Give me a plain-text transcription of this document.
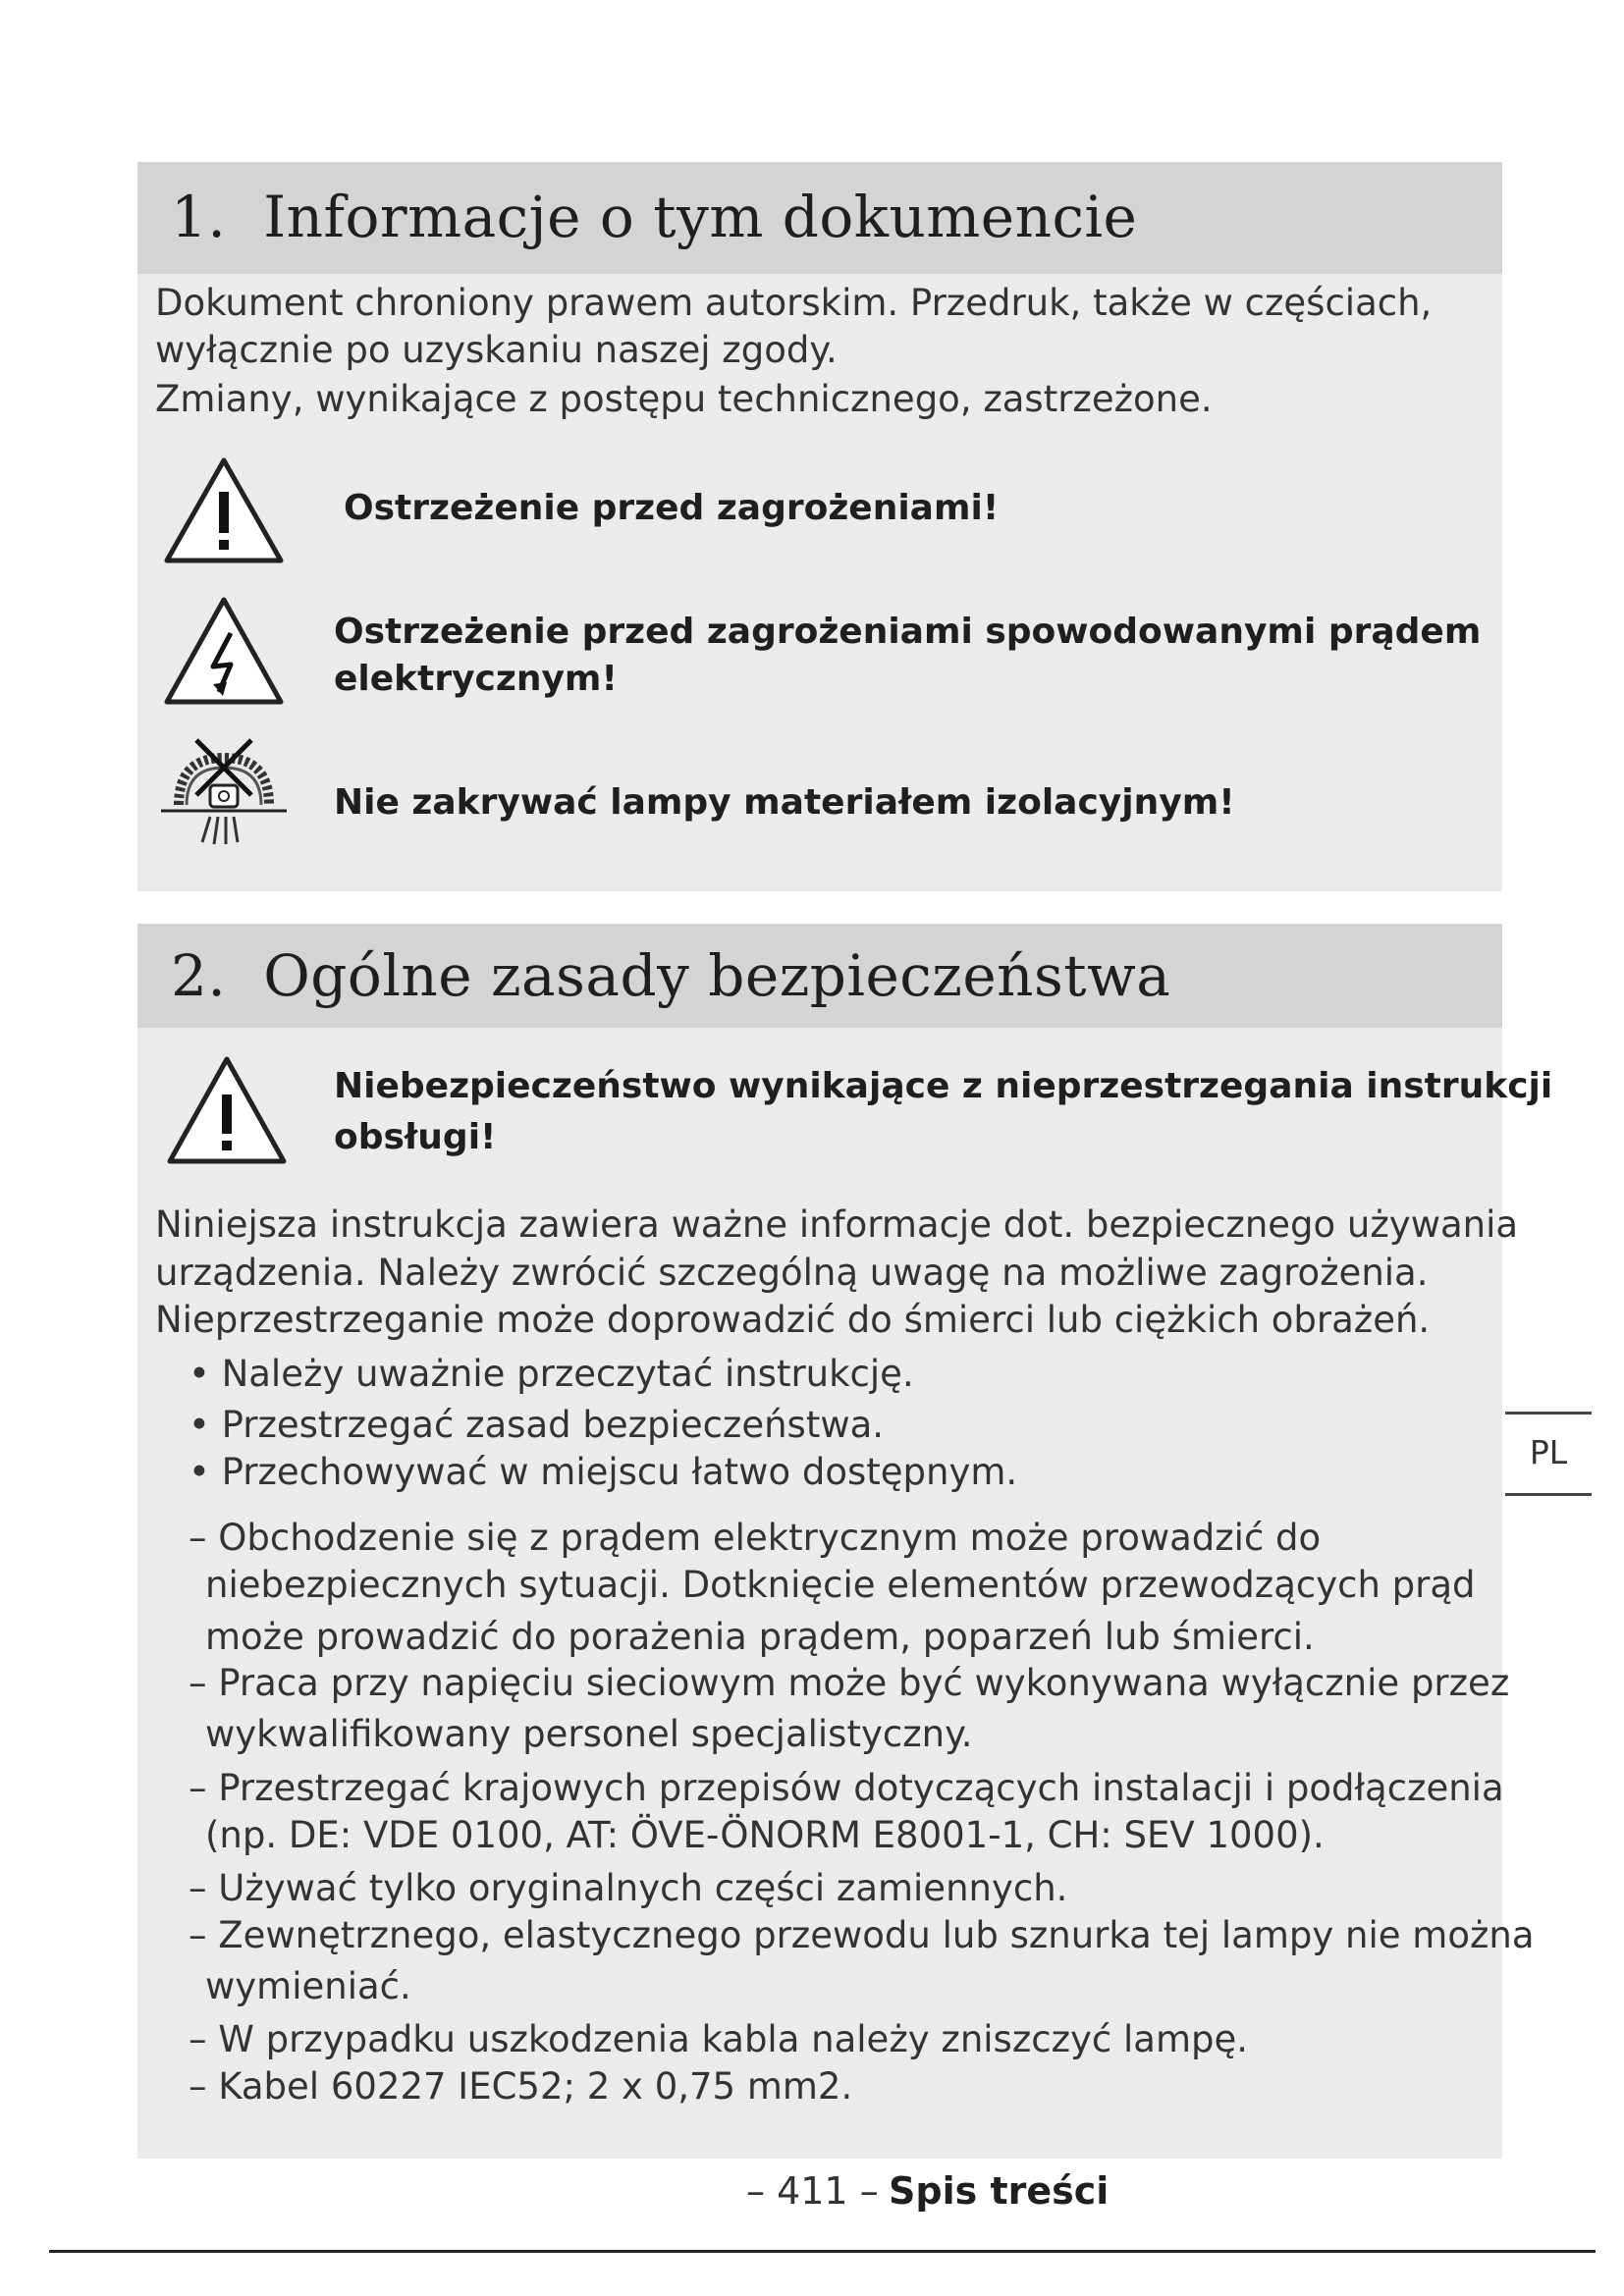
1. Informacje o tym dokumencie
Dokument chroniony prawem autorskim. Przedruk, także w częściach,
wyłącznie po uzyskaniu naszej zgody.
Zmiany, wynikające z postępu technicznego, zastrzeżone.
Ostrzeżenie przed zagrożeniami!
Ostrzeżenie przed zagrożeniami spowodowanymi prądem
elektrycznym!
Nie zakrywać lampy materiałem izolacyjnym!
2. Ogólne zasady bezpieczeństwa
Niebezpieczeństwo wynikające z nieprzestrzegania instrukcji
obsługi!
Niniejsza instrukcja zawiera ważne informacje dot. bezpiecznego używania
urządzenia. Należy zwrócić szczególną uwagę na możliwe zagrożenia.
Nieprzestrzeganie może doprowadzić do śmierci lub ciężkich obrażeń.
• Należy uważnie przeczytać instrukcję.
• Przestrzegać zasad bezpieczeństwa.
• Przechowywać w miejscu łatwo dostępnym.
– Obchodzenie się z prądem elektrycznym może prowadzić do
niebezpiecznych sytuacji. Dotknięcie elementów przewodzących prąd
może prowadzić do porażenia prądem, poparzeń lub śmierci.
– Praca przy napięciu sieciowym może być wykonywana wyłącznie przez
wykwalifikowany personel specjalistyczny.
– Przestrzegać krajowych przepisów dotyczących instalacji i podłączenia
(np. DE: VDE 0100, AT: ÖVE-ÖNORM E8001-1, CH: SEV 1000).
– Używać tylko oryginalnych części zamiennych.
– Zewnętrznego, elastycznego przewodu lub sznurka tej lampy nie można
wymieniać.
– W przypadku uszkodzenia kabla należy zniszczyć lampę.
– Kabel 60227 IEC52; 2 x 0,75 mm2.
PL
– 411 – Spis treści
